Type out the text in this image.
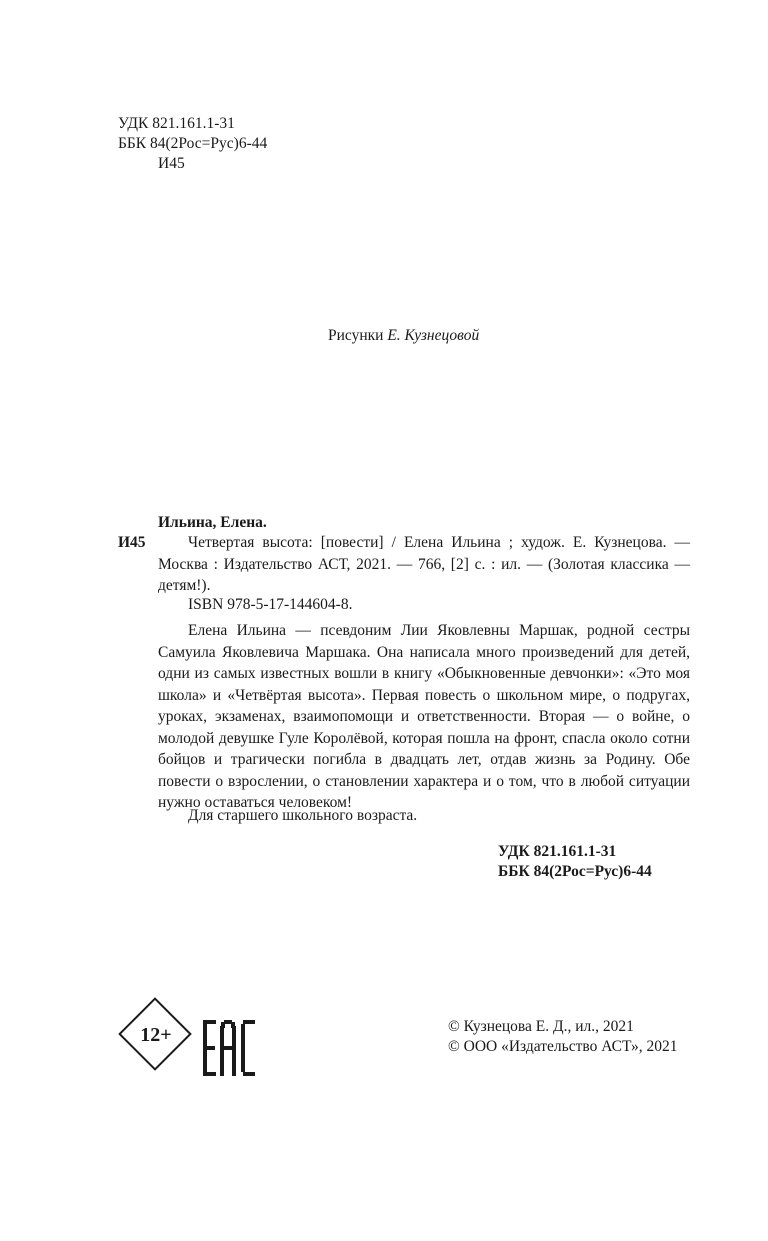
УДК 821.161.1-31
ББК 84(2Рос=Рус)6-44
И45
Рисунки Е. Кузнецовой
Ильина, Елена.
И45	Четвертая высота: [повести] / Елена Ильина ; худож. Е. Кузнецова. — Москва : Издательство АСТ, 2021. — 766, [2] с. : ил. — (Золотая классика — детям!).
ISBN 978-5-17-144604-8.
Елена Ильина — псевдоним Лии Яковлевны Маршак, родной сестры Самуила Яковлевича Маршака. Она написала много произведений для детей, одни из самых известных вошли в книгу «Обыкновенные девчонки»: «Это моя школа» и «Четвёртая высота». Первая повесть о школьном мире, о подругах, уроках, экзаменах, взаимопомощи и ответственности. Вторая — о войне, о молодой девушке Гуле Королёвой, которая пошла на фронт, спасла около сотни бойцов и трагически погибла в двадцать лет, отдав жизнь за Родину. Обе повести о взрослении, о становлении характера и о том, что в любой ситуации нужно оставаться человеком!
Для старшего школьного возраста.
УДК 821.161.1-31
ББК 84(2Рос=Рус)6-44
12+	© Кузнецова Е. Д., ил., 2021
© ООО «Издательство АСТ», 2021
